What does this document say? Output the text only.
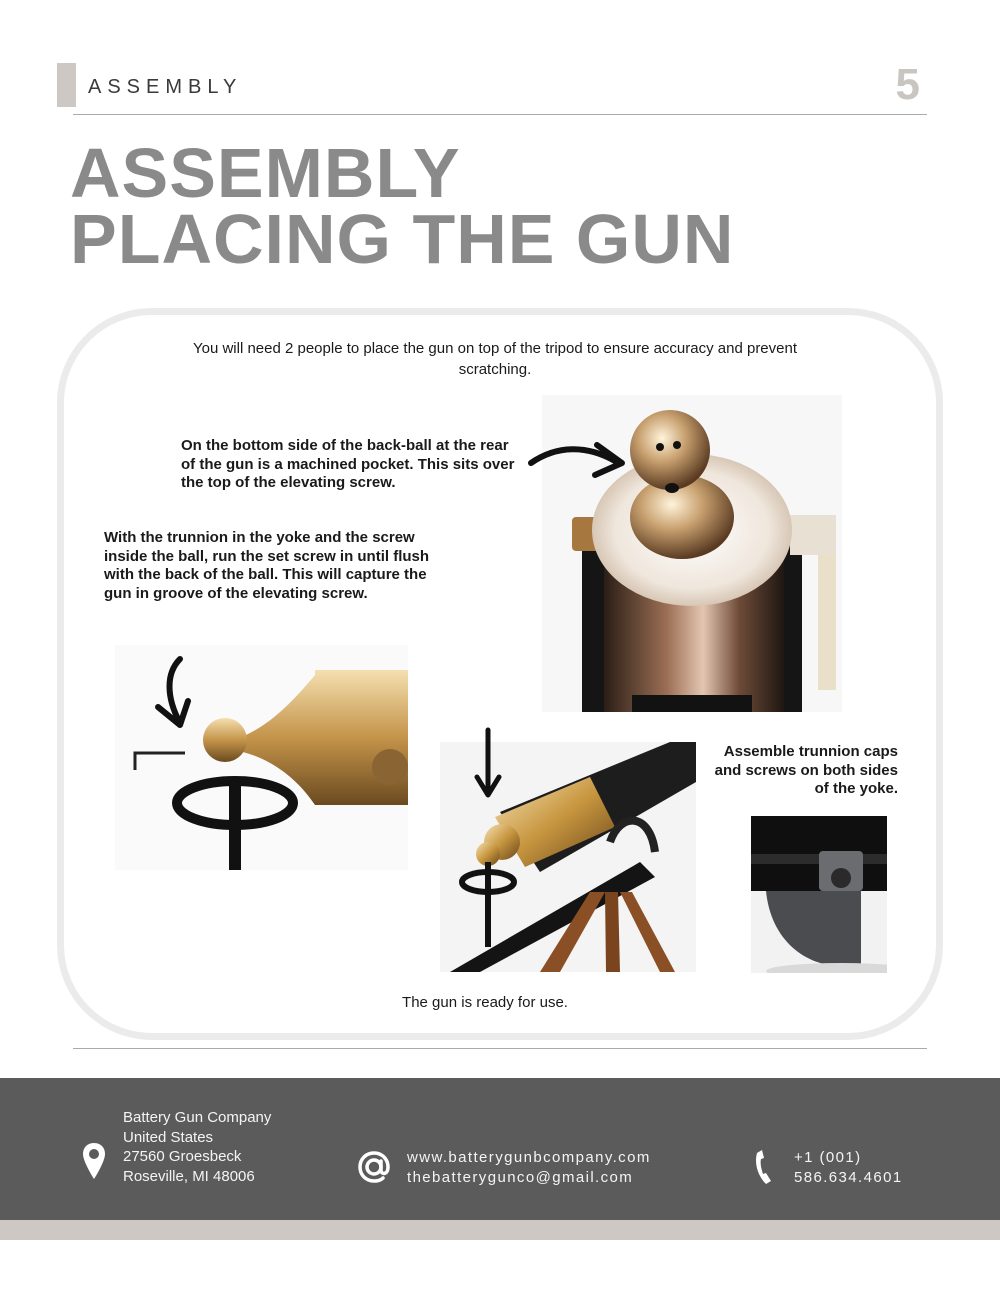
ASSEMBLY	5
ASSEMBLY
PLACING THE GUN
You will need 2 people to place the gun on top of the tripod to ensure accuracy and prevent scratching.
On the bottom side of the back-ball at the rear of the gun is a machined pocket. This sits over the top of the elevating screw.
With the trunnion in the yoke and the screw inside the ball, run the set screw in until flush with the back of the ball. This will capture the gun in groove of the elevating screw.
Assemble trunnion caps and screws on both sides of the yoke.
The gun is ready for use.
Battery Gun Company
United States
27560 Groesbeck
Roseville, MI 48006
www.batterygunbcompany.com
thebatterygunco@gmail.com
+1 (001)
586.634.4601
